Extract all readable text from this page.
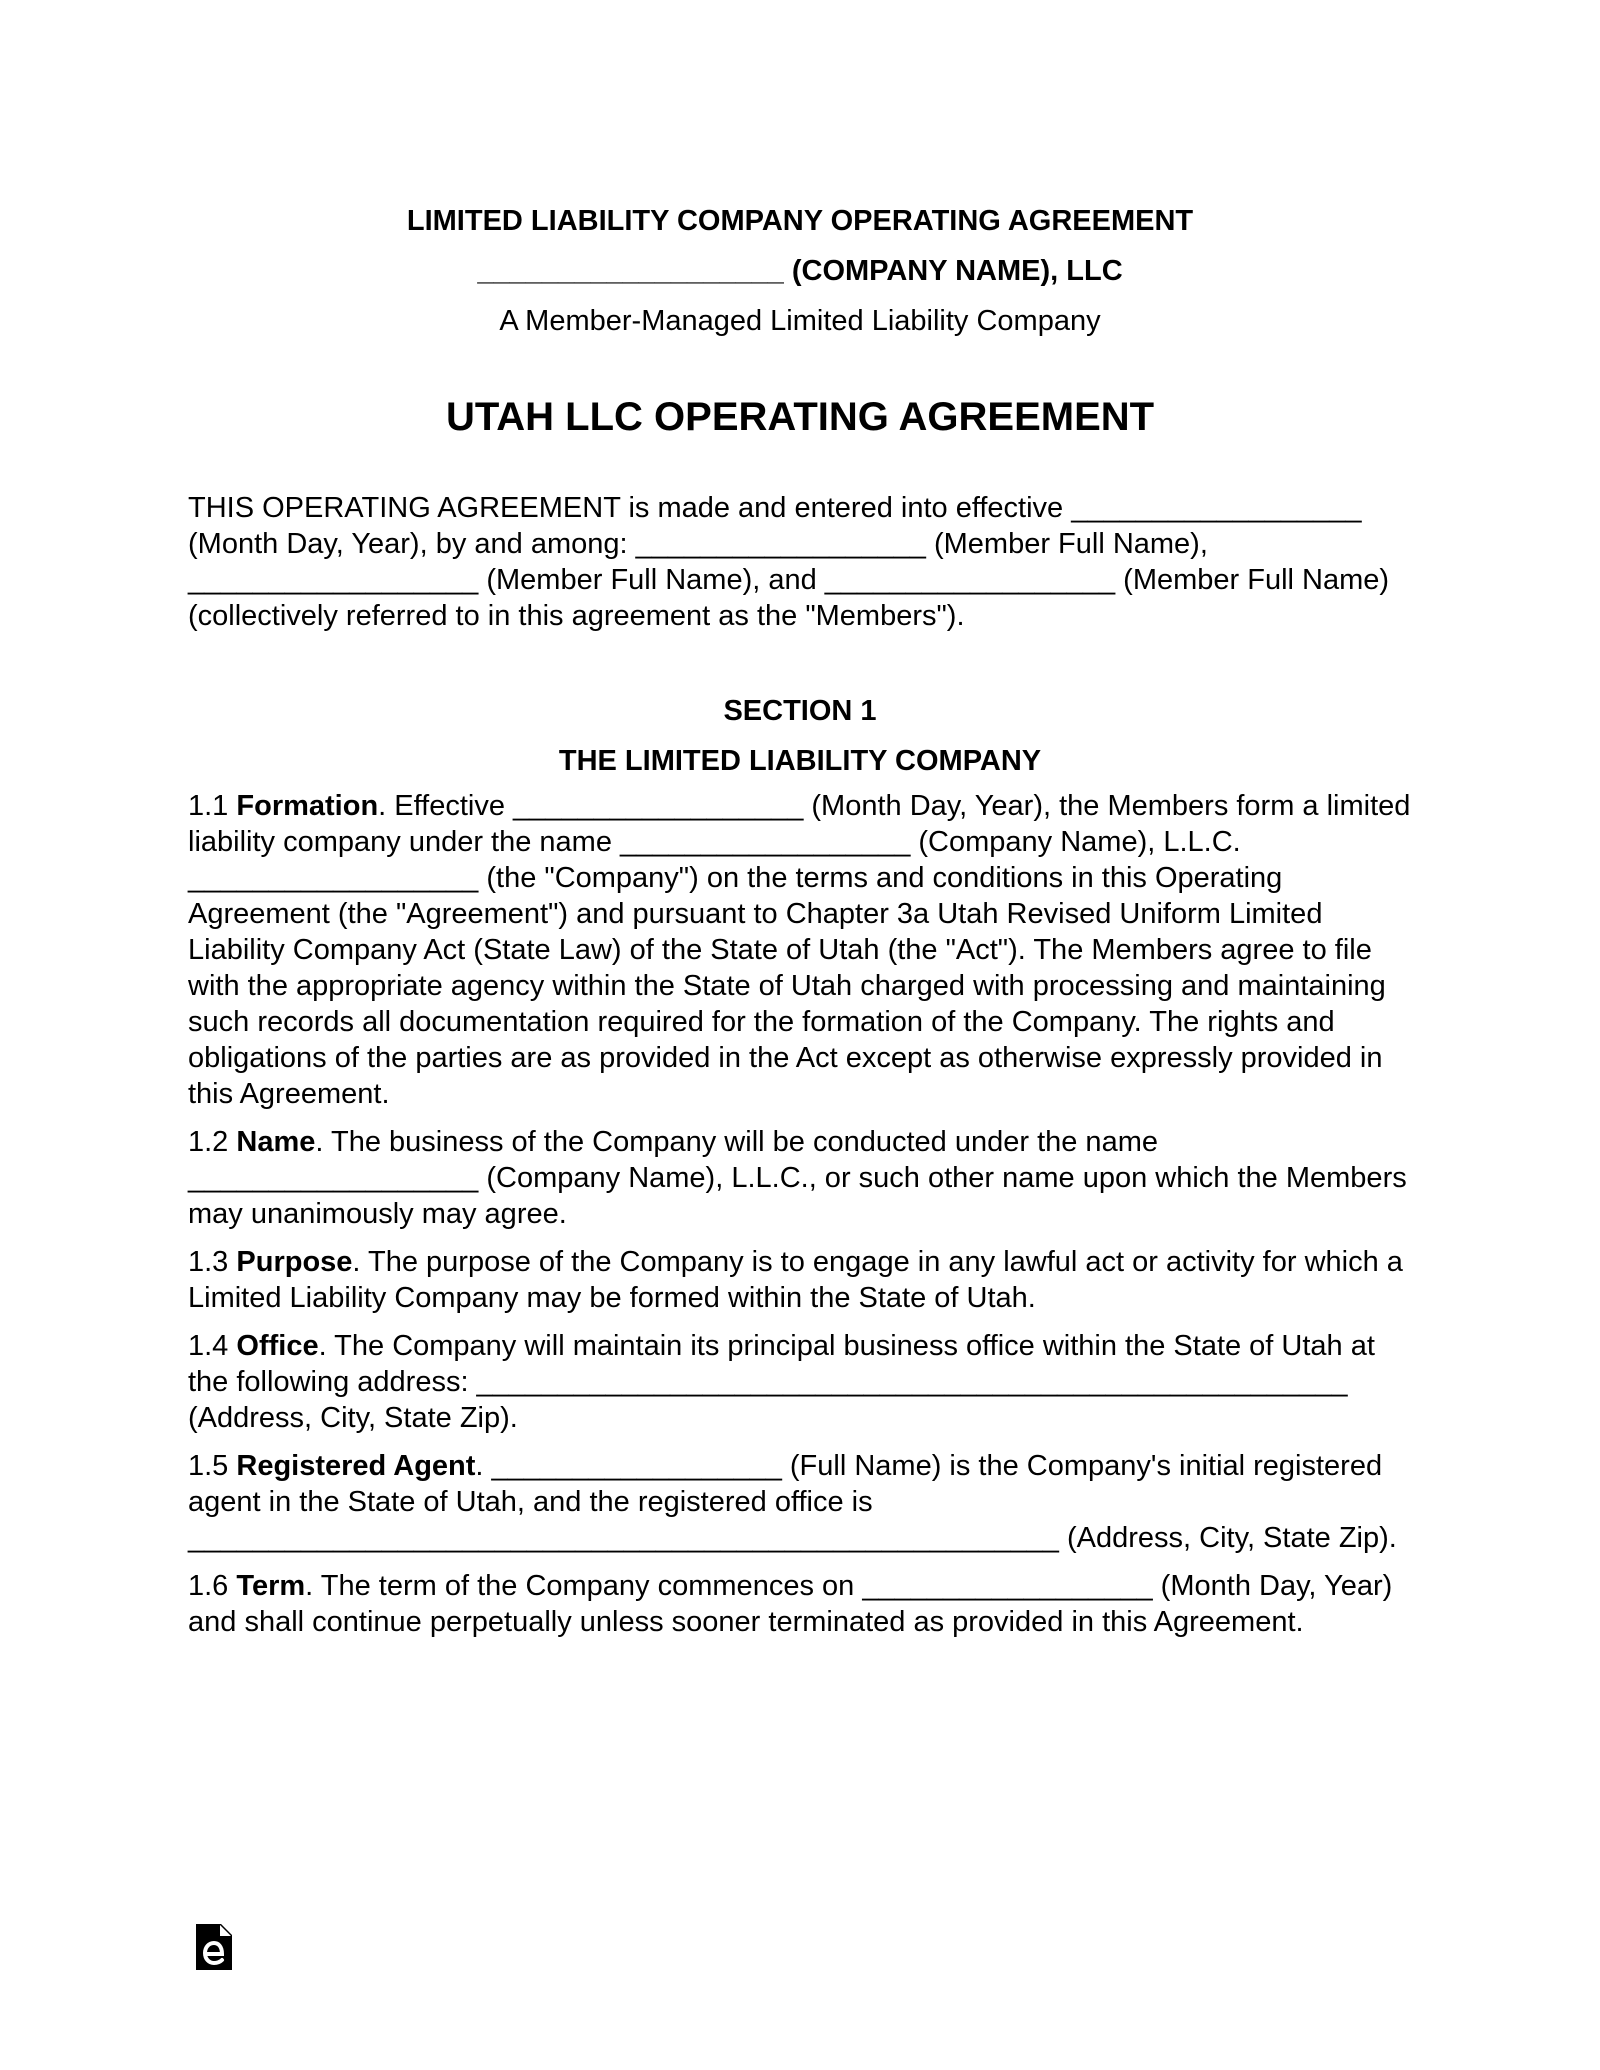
LIMITED LIABILITY COMPANY OPERATING AGREEMENT

___________________ (COMPANY NAME), LLC

A Member-Managed Limited Liability Company

UTAH LLC OPERATING AGREEMENT

THIS OPERATING AGREEMENT is made and entered into effective __________________ (Month Day, Year), by and among: __________________ (Member Full Name), __________________ (Member Full Name), and __________________ (Member Full Name) (collectively referred to in this agreement as the "Members").

SECTION 1

THE LIMITED LIABILITY COMPANY

1.1 Formation. Effective __________________ (Month Day, Year), the Members form a limited liability company under the name __________________ (Company Name), L.L.C. __________________ (the "Company") on the terms and conditions in this Operating Agreement (the "Agreement") and pursuant to Chapter 3a Utah Revised Uniform Limited Liability Company Act (State Law) of the State of Utah (the "Act"). The Members agree to file with the appropriate agency within the State of Utah charged with processing and maintaining such records all documentation required for the formation of the Company. The rights and obligations of the parties are as provided in the Act except as otherwise expressly provided in this Agreement.

1.2 Name. The business of the Company will be conducted under the name __________________ (Company Name), L.L.C., or such other name upon which the Members may unanimously may agree.

1.3 Purpose. The purpose of the Company is to engage in any lawful act or activity for which a Limited Liability Company may be formed within the State of Utah.

1.4 Office. The Company will maintain its principal business office within the State of Utah at the following address: ______________________________________________________ (Address, City, State Zip).

1.5 Registered Agent. __________________ (Full Name) is the Company's initial registered agent in the State of Utah, and the registered office is ______________________________________________________ (Address, City, State Zip).

1.6 Term. The term of the Company commences on __________________ (Month Day, Year) and shall continue perpetually unless sooner terminated as provided in this Agreement.
